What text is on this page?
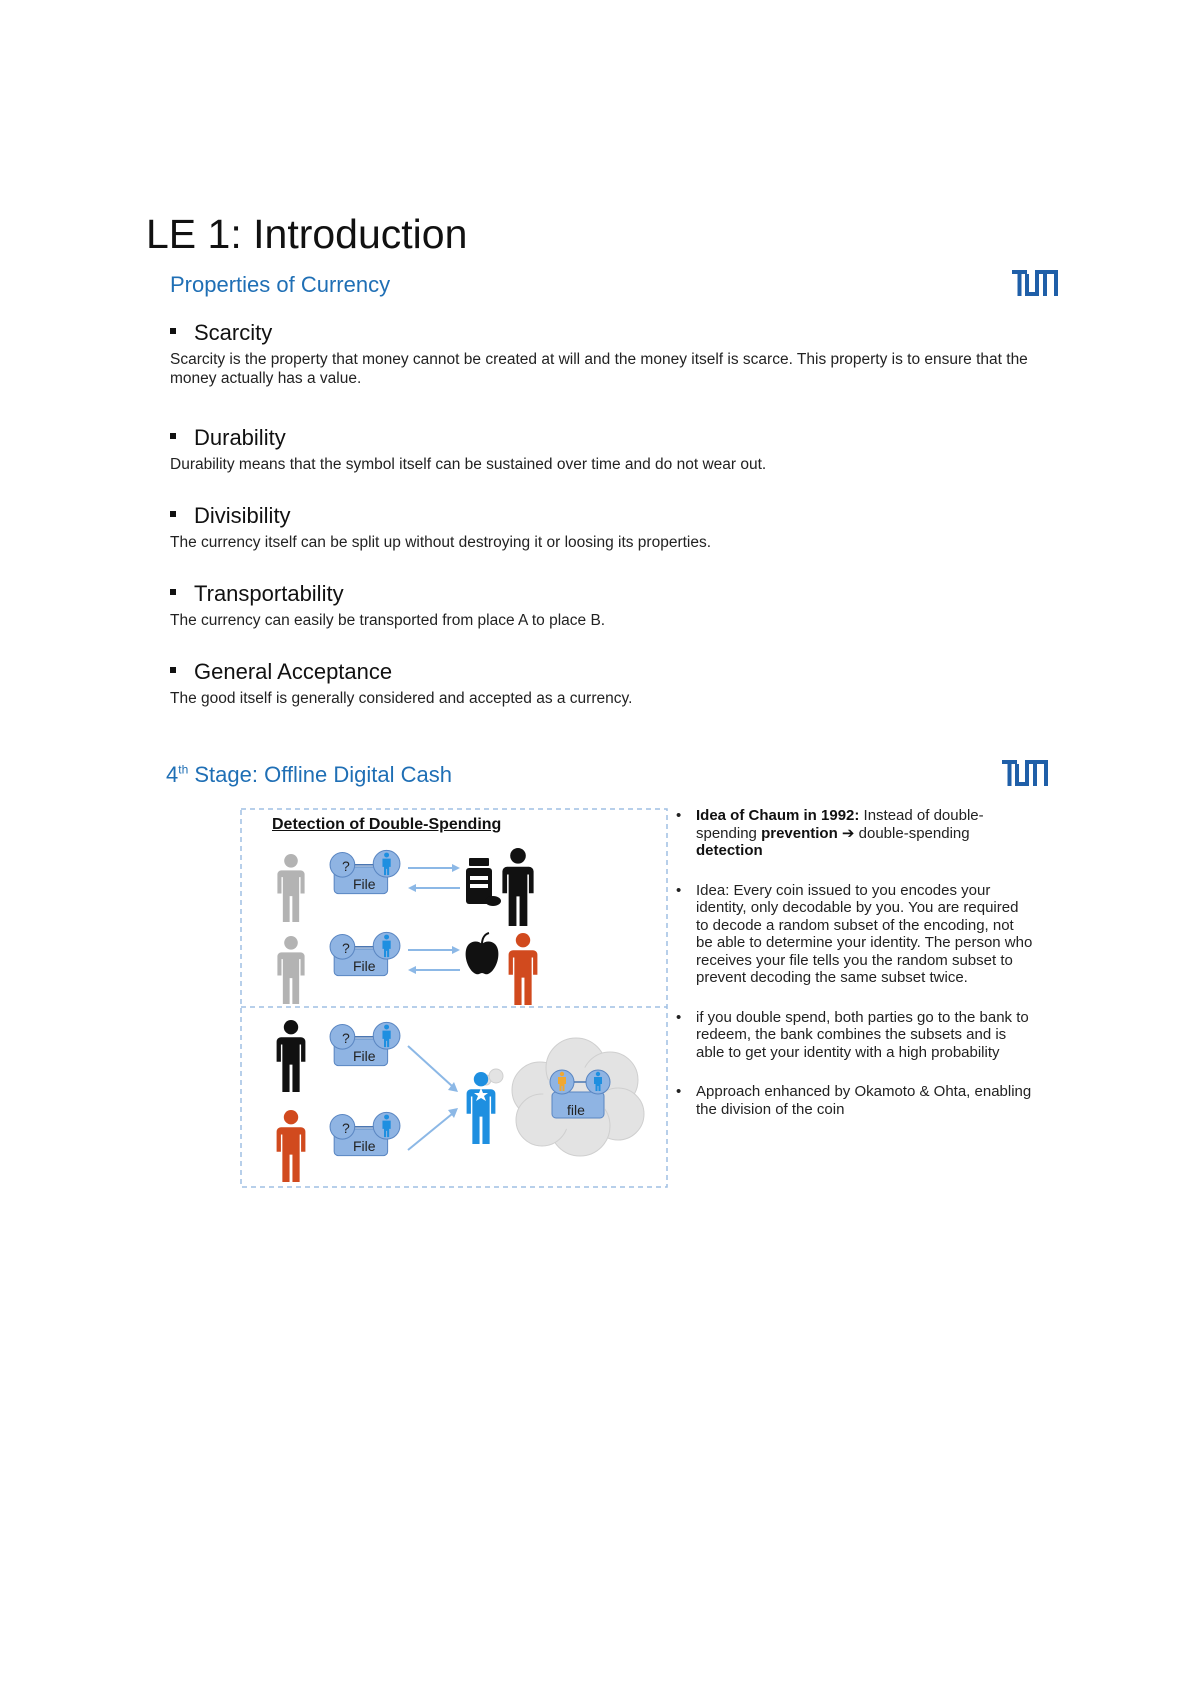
LE 1: Introduction
Properties of Currency
Scarcity
Scarcity is the property that money cannot be created at will and the money itself is scarce. This property is to ensure that the money actually has a value.
Durability
Durability means that the symbol itself can be sustained over time and do not wear out.
Divisibility
The currency itself can be split up without destroying it or loosing its properties.
Transportability
The currency can easily be transported from place A to place B.
General Acceptance
The good itself is generally considered and accepted as a currency.
4th Stage: Offline Digital Cash
?
File
?
File
?
File
?
File
file
Detection of Double-Spending
• Idea of Chaum in 1992: Instead of double-spending prevention ➔ double-spending detection
• Idea: Every coin issued to you encodes your identity, only decodable by you. You are required to decode a random subset of the encoding, not be able to determine your identity. The person who receives your file tells you the random subset to prevent decoding the same subset twice.
• if you double spend, both parties go to the bank to redeem, the bank combines the subsets and is able to get your identity with a high probability
• Approach enhanced by Okamoto & Ohta, enabling the division of the coin
